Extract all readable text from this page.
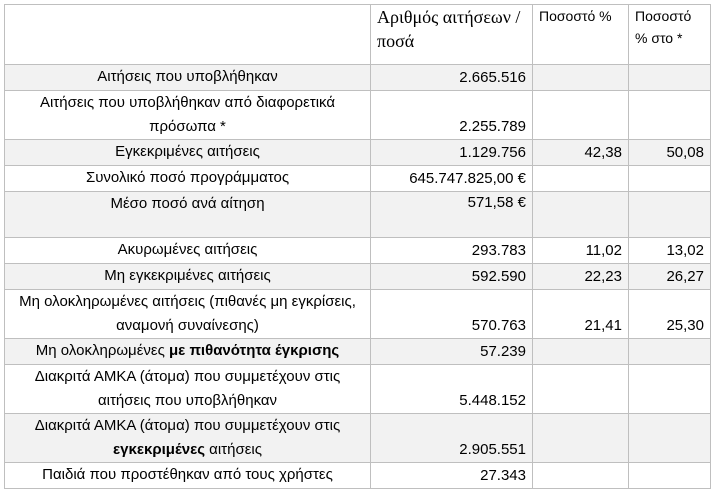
	Αριθμός αιτήσεων /ποσά	Ποσοστό %	Ποσοστό % στο *
Αιτήσεις που υποβλήθηκαν	2.665.516		
Αιτήσεις που υποβλήθηκαν από διαφορετικά πρόσωπα *	2.255.789		
Εγκεκριμένες αιτήσεις	1.129.756	42,38	50,08
Συνολικό ποσό προγράμματος	645.747.825,00 €		
Μέσο ποσό ανά αίτηση	571,58 €		

Ακυρωμένες αιτήσεις	293.783	11,02	13,02
Μη εγκεκριμένες αιτήσεις	592.590	22,23	26,27
Μη ολοκληρωμένες αιτήσεις (πιθανές μη εγκρίσεις, αναμονή συναίνεσης)	570.763	21,41	25,30
Μη ολοκληρωμένες με πιθανότητα έγκρισης	57.239		
Διακριτά ΑΜΚΑ (άτομα) που συμμετέχουν στις αιτήσεις που υποβλήθηκαν	5.448.152		
Διακριτά ΑΜΚΑ (άτομα) που συμμετέχουν στις εγκεκριμένες αιτήσεις	2.905.551		
Παιδιά που προστέθηκαν από τους χρήστες	27.343		
